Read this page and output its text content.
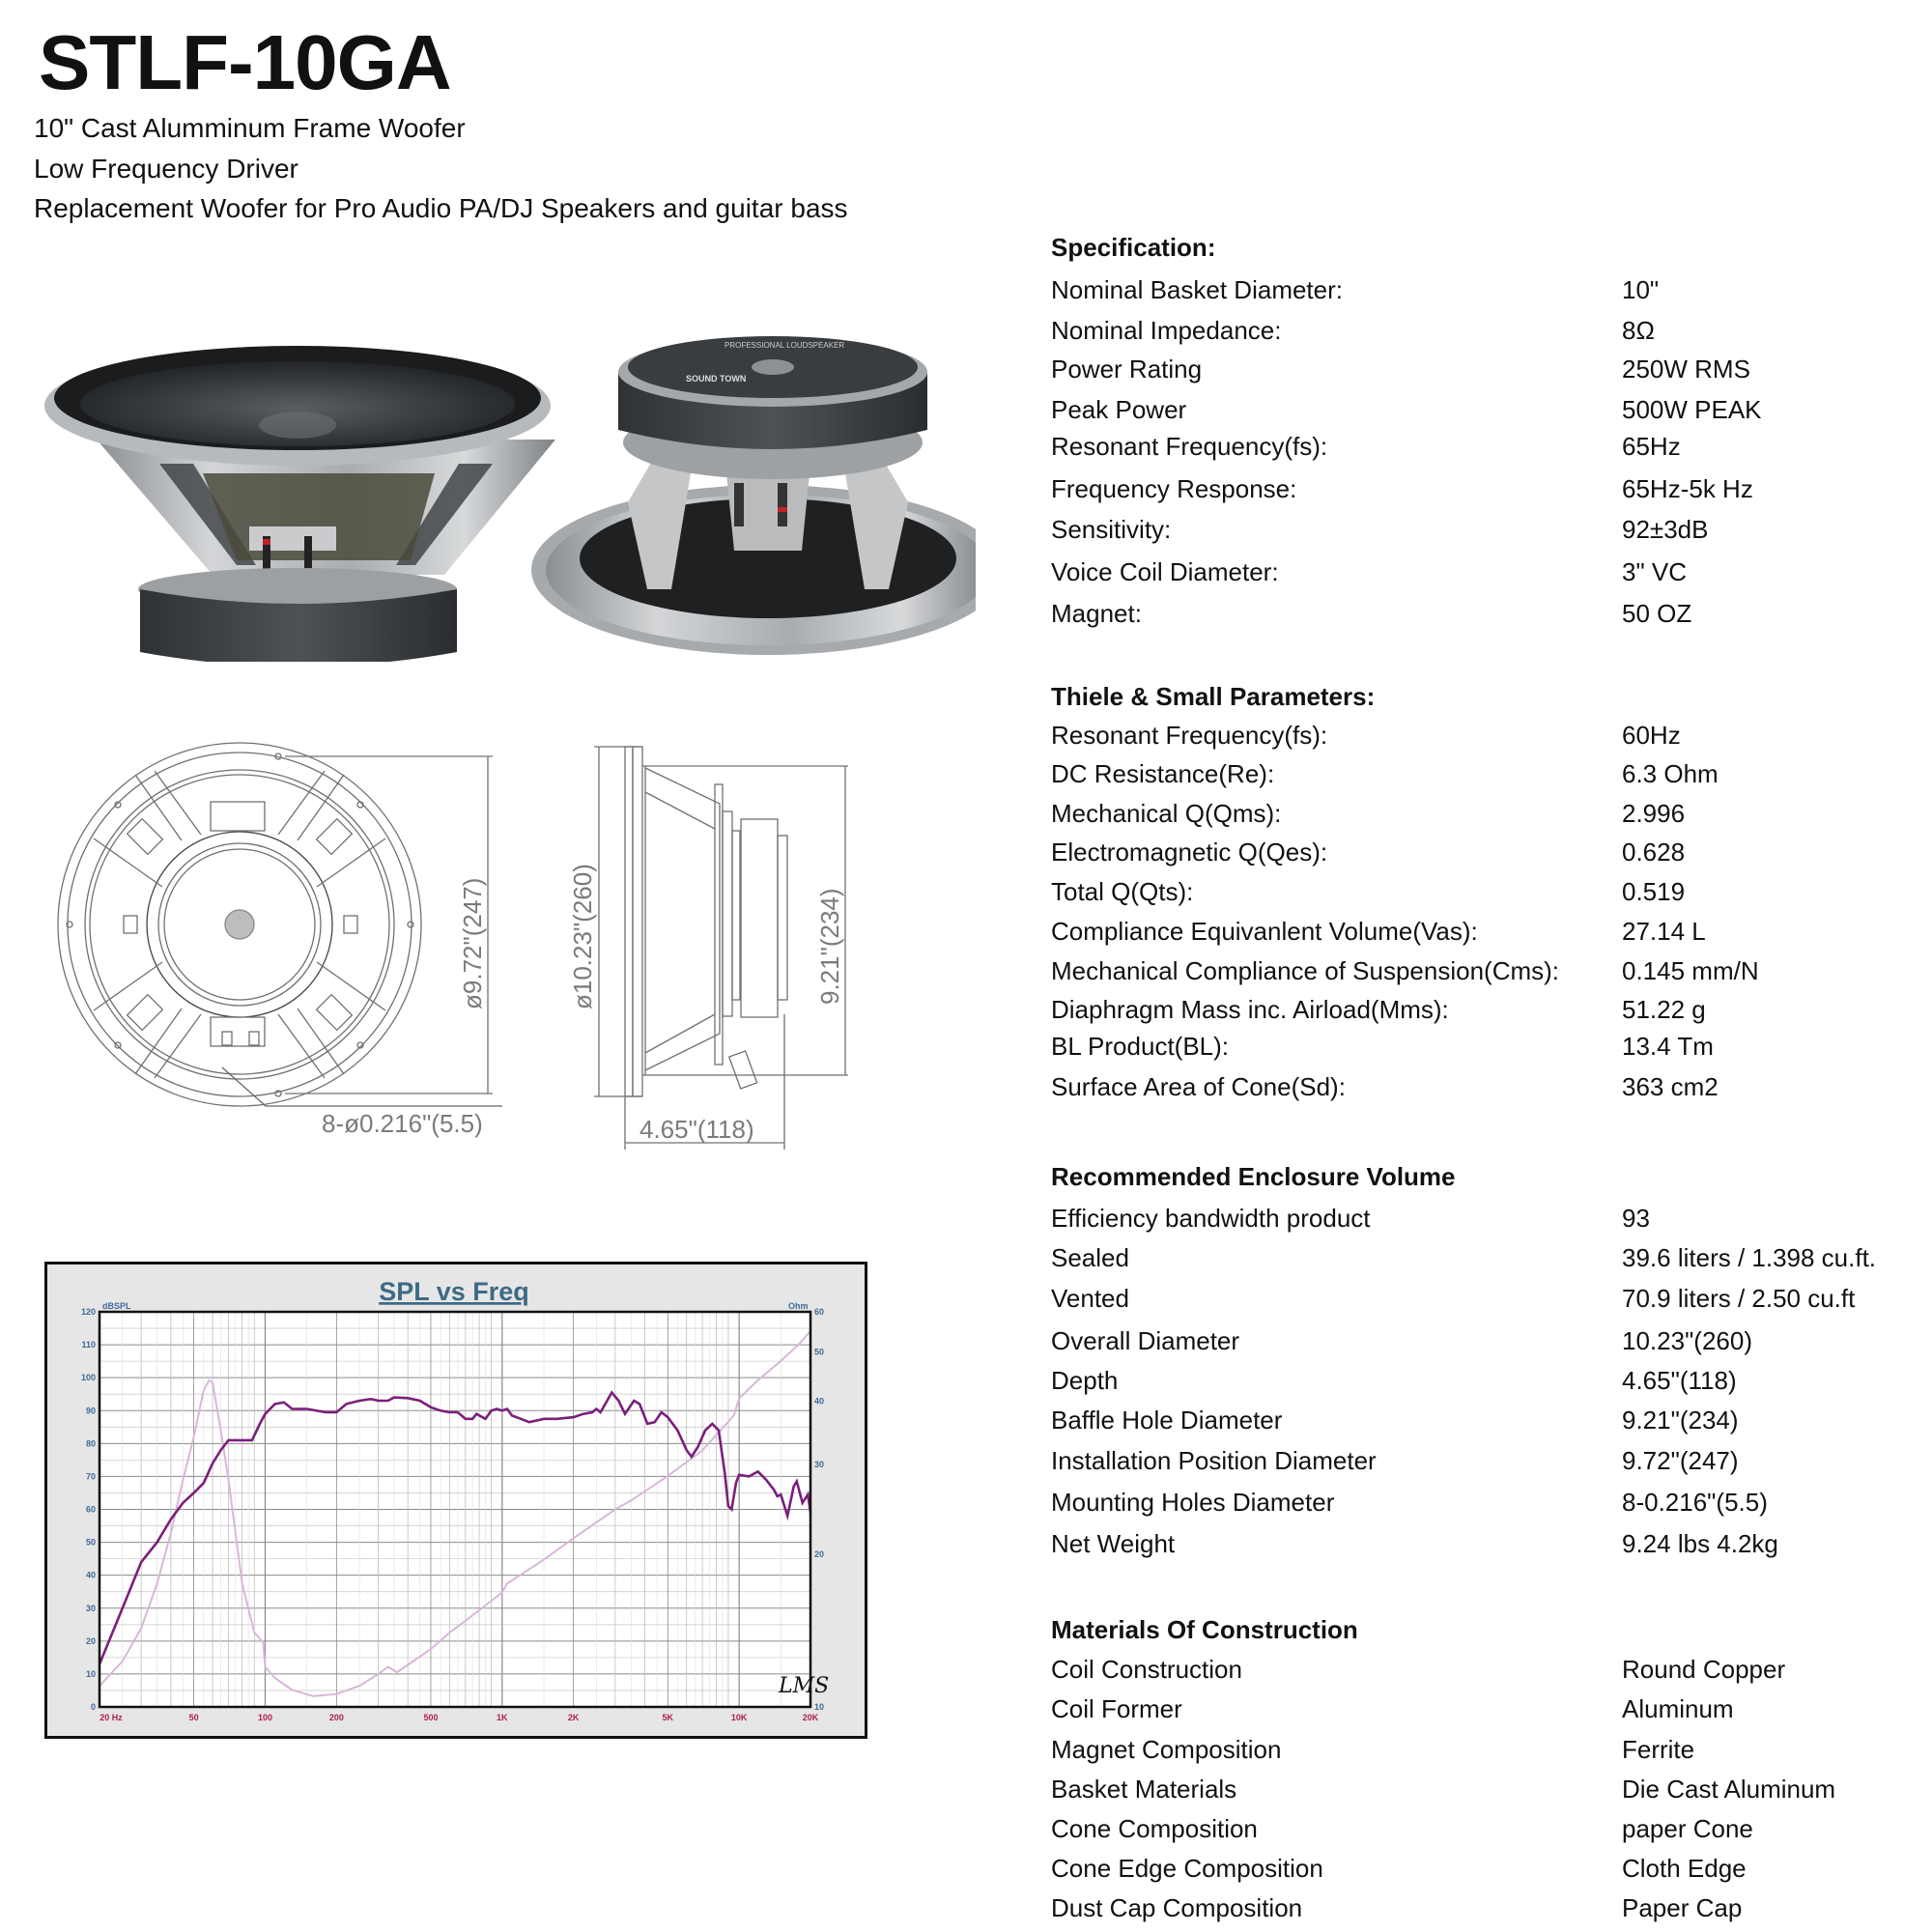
STLF-10GA
10" Cast Alumminum Frame Woofer
Low Frequency Driver
Replacement Woofer for Pro Audio PA/DJ Speakers and guitar bass
SOUND TOWN
PROFESSIONAL LOUDSPEAKER
ø9.72"(247)
8-ø0.216"(5.5)
ø10.23"(260)	9.21"(234)
4.65"(118)
SPL vs Freq
0
10
20
30
40
50
60
70
80
90
100
110
120
10
20
30
40
50
60
20 Hz	50	100	200	500	1K	2K	5K	10K	20K
dBSPL	Ohm
LMS
Specification:
Nominal Basket Diameter:	10"
Nominal Impedance:	8Ω
Power Rating	250W RMS
Peak Power	500W PEAK
Resonant Frequency(fs):	65Hz
Frequency Response:	65Hz-5k Hz
Sensitivity:	92±3dB
Voice Coil Diameter:	3" VC
Magnet:	50 OZ
Thiele & Small Parameters:
Resonant Frequency(fs):	60Hz
DC Resistance(Re):	6.3 Ohm
Mechanical Q(Qms):	2.996
Electromagnetic Q(Qes):	0.628
Total Q(Qts):	0.519
Compliance Equivanlent Volume(Vas):	27.14 L
Mechanical Compliance of Suspension(Cms): 0.145 mm/N
Diaphragm Mass inc. Airload(Mms):	51.22 g
BL Product(BL):	13.4 Tm
Surface Area of Cone(Sd):	363 cm2
Recommended Enclosure Volume
Efficiency bandwidth product	93
Sealed	39.6 liters / 1.398 cu.ft.
Vented	70.9 liters / 2.50 cu.ft
Overall Diameter	10.23"(260)
Depth	4.65"(118)
Baffle Hole Diameter	9.21"(234)
Installation Position Diameter	9.72"(247)
Mounting Holes Diameter	8-0.216"(5.5)
Net Weight	9.24 lbs 4.2kg
Materials Of Construction
Coil Construction	Round Copper
Coil Former	Aluminum
Magnet Composition	Ferrite
Basket Materials	Die Cast Aluminum
Cone Composition	paper Cone
Cone Edge Composition	Cloth Edge
Dust Cap Composition	Paper Cap
